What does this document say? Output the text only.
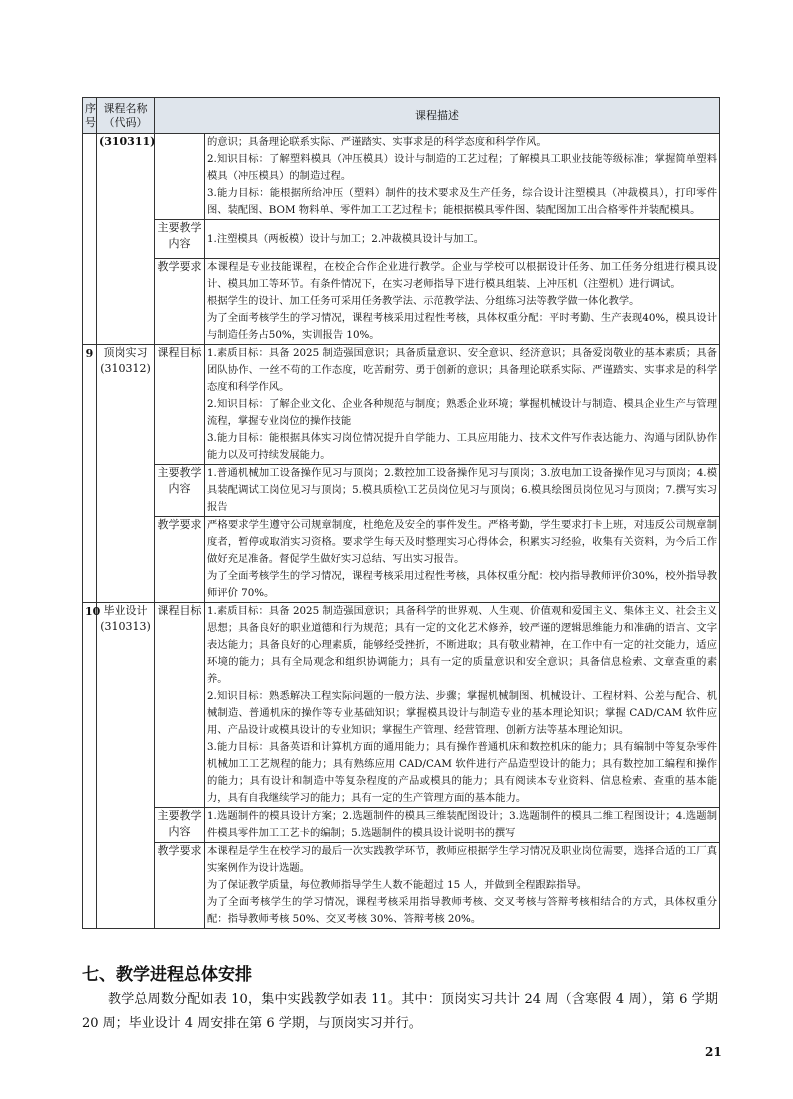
序号	课程名称（代码）	课程描述	
	(310311)		的意识；具备理论联系实际、严谨踏实、实事求是的科学态度和科学作风。
2.知识目标：了解塑料模具（冲压模具）设计与制造的工艺过程；了解模具工职业技能等级标准；掌握简单塑料模具（冲压模具）的制造过程。
3.能力目标：能根据所给冲压（塑料）制件的技术要求及生产任务，综合设计注塑模具（冲裁模具），打印零件图、装配图、BOM 物料单、零件加工工艺过程卡；能根据模具零件图、装配图加工出合格零件并装配模具。

		主要教学内容	1.注塑模具（两板模）设计与加工；2.冲裁模具设计与加工。

		教学要求	本课程是专业技能课程，在校企合作企业进行教学。企业与学校可以根据设计任务、加工任务分组进行模具设计、模具加工等环节。有条件情况下，在实习老师指导下进行模具组装、上冲压机（注塑机）进行调试。
根据学生的设计、加工任务可采用任务教学法、示范教学法、分组练习法等教学做一体化教学。
为了全面考核学生的学习情况，课程考核采用过程性考核，具体权重分配：平时考勤、生产表现40%，模具设计与制造任务占50%，实训报告 10%。

9	顶岗实习(310312)	课程目标	1.素质目标：具备 2025 制造强国意识；具备质量意识、安全意识、经济意识；具备爱岗敬业的基本素质；具备团队协作、一丝不苟的工作态度，吃苦耐劳、勇于创新的意识；具备理论联系实际、严谨踏实、实事求是的科学态度和科学作风。
2.知识目标：了解企业文化、企业各种规范与制度；熟悉企业环境；掌握机械设计与制造、模具企业生产与管理流程，掌握专业岗位的操作技能
3.能力目标：能根据具体实习岗位情况提升自学能力、工具应用能力、技术文件写作表达能力、沟通与团队协作能力以及可持续发展能力。

		主要教学内容	1.普通机械加工设备操作见习与顶岗；2.数控加工设备操作见习与顶岗；3.放电加工设备操作见习与顶岗；4.模具装配调试工岗位见习与顶岗；5.模具质检\工艺员岗位见习与顶岗；6.模具绘图员岗位见习与顶岗；7.撰写实习报告

		教学要求	严格要求学生遵守公司规章制度，杜绝危及安全的事件发生。严格考勤，学生要求打卡上班，对违反公司规章制度者，暂停或取消实习资格。要求学生每天及时整理实习心得体会，积累实习经验，收集有关资料，为今后工作做好充足准备。督促学生做好实习总结、写出实习报告。
为了全面考核学生的学习情况，课程考核采用过程性考核，具体权重分配：校内指导教师评价30%，校外指导教师评价 70%。

10	毕业设计(310313)	课程目标	1.素质目标：具备 2025 制造强国意识；具备科学的世界观、人生观、价值观和爱国主义、集体主义、社会主义思想；具备良好的职业道德和行为规范；具有一定的文化艺术修养，较严谨的逻辑思维能力和准确的语言、文字表达能力；具备良好的心理素质，能够经受挫折，不断进取；具有敬业精神，在工作中有一定的社交能力，适应环境的能力；具有全局观念和组织协调能力；具有一定的质量意识和安全意识；具备信息检索、文章查重的素养。
2.知识目标：熟悉解决工程实际问题的一般方法、步骤；掌握机械制图、机械设计、工程材料、公差与配合、机械制造、普通机床的操作等专业基础知识；掌握模具设计与制造专业的基本理论知识；掌握 CAD/CAM 软件应用、产品设计或模具设计的专业知识；掌握生产管理、经营管理、创新方法等基本理论知识。
3.能力目标：具备英语和计算机方面的通用能力；具有操作普通机床和数控机床的能力；具有编制中等复杂零件机械加工工艺规程的能力；具有熟练应用 CAD/CAM 软件进行产品造型设计的能力；具有数控加工编程和操作的能力；具有设计和制造中等复杂程度的产品或模具的能力；具有阅读本专业资料、信息检索、查重的基本能力，具有自我继续学习的能力；具有一定的生产管理方面的基本能力。

		主要教学内容	1.选题制件的模具设计方案；2.选题制件的模具三维装配图设计；3.选题制件的模具二维工程图设计；4.选题制件模具零件加工工艺卡的编制；5.选题制件的模具设计说明书的撰写

		教学要求	本课程是学生在校学习的最后一次实践教学环节，教师应根据学生学习情况及职业岗位需要，选择合适的工厂真实案例作为设计选题。
为了保证教学质量，每位教师指导学生人数不能超过 15 人，并做到全程跟踪指导。
为了全面考核学生的学习情况，课程考核采用指导教师考核、交叉考核与答辩考核相结合的方式，具体权重分配：指导教师考核 50%、交叉考核 30%、答辩考核 20%。
七、教学进程总体安排
教学总周数分配如表 10，集中实践教学如表 11。其中：顶岗实习共计 24 周（含寒假 4 周），第 6 学期 20 周；毕业设计 4 周安排在第 6 学期，与顶岗实习并行。
21
